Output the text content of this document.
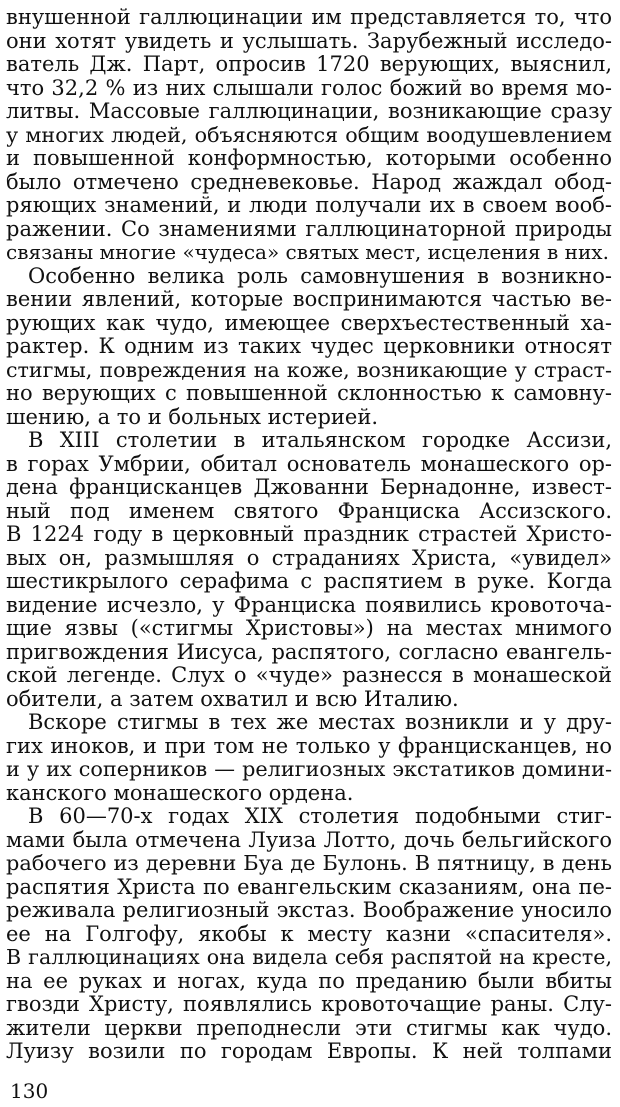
внушенной галлюцинации им представляется то, что
они хотят увидеть и услышать. Зарубежный исследо-
ватель Дж. Парт, опросив 1720 верующих, выяснил,
что 32,2 % из них слышали голос божий во время мо-
литвы. Массовые галлюцинации, возникающие сразу
у многих людей, объясняются общим воодушевлением
и повышенной конформностью, которыми особенно
было отмечено средневековье. Народ жаждал обод-
ряющих знамений, и люди получали их в своем вооб-
ражении. Со знамениями галлюцинаторной природы
связаны многие «чудеса» святых мест, исцеления в них.
Особенно велика роль самовнушения в возникно-
вении явлений, которые воспринимаются частью ве-
рующих как чудо, имеющее сверхъестественный ха-
рактер. К одним из таких чудес церковники относят
стигмы, повреждения на коже, возникающие у страст-
но верующих с повышенной склонностью к самовну-
шению, а то и больных истерией.
В XIII столетии в итальянском городке Ассизи,
в горах Умбрии, обитал основатель монашеского ор-
дена францисканцев Джованни Бернадонне, извест-
ный под именем святого Франциска Ассизского.
В 1224 году в церковный праздник страстей Христо-
вых он, размышляя о страданиях Христа, «увидел»
шестикрылого серафима с распятием в руке. Когда
видение исчезло, у Франциска появились кровоточа-
щие язвы («стигмы Христовы») на местах мнимого
пригвождения Иисуса, распятого, согласно евангель-
ской легенде. Слух о «чуде» разнесся в монашеской
обители, а затем охватил и всю Италию.
Вскоре стигмы в тех же местах возникли и у дру-
гих иноков, и при том не только у францисканцев, но
и у их соперников — религиозных экстатиков домини-
канского монашеского ордена.
В 60—70-х годах XIX столетия подобными стиг-
мами была отмечена Луиза Лотто, дочь бельгийского
рабочего из деревни Буа де Булонь. В пятницу, в день
распятия Христа по евангельским сказаниям, она пе-
реживала религиозный экстаз. Воображение уносило
ее на Голгофу, якобы к месту казни «спасителя».
В галлюцинациях она видела себя распятой на кресте,
на ее руках и ногах, куда по преданию были вбиты
гвозди Христу, появлялись кровоточащие раны. Слу-
жители церкви преподнесли эти стигмы как чудо.
Луизу возили по городам Европы. К ней толпами
130
